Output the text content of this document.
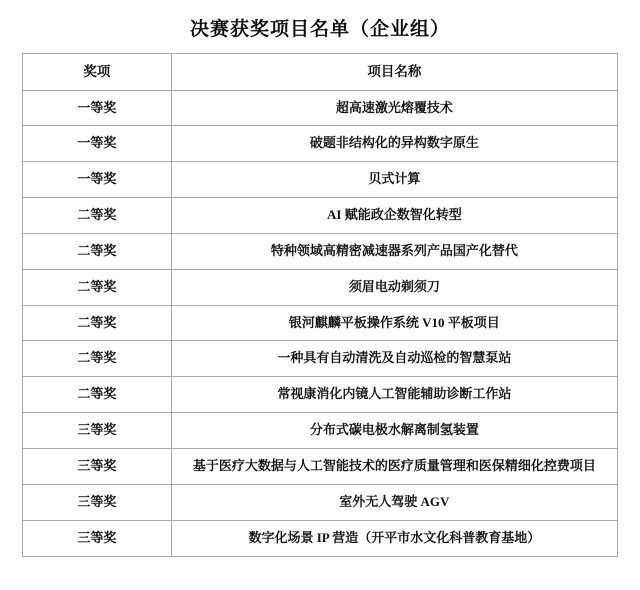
决赛获奖项目名单（企业组）
奖项	项目名称
一等奖	超高速激光熔覆技术
一等奖	破题非结构化的异构数字原生
一等奖	贝式计算
二等奖	AI 赋能政企数智化转型
二等奖	特种领域高精密减速器系列产品国产化替代
二等奖	须眉电动剃须刀
二等奖	银河麒麟平板操作系统 V10 平板项目
二等奖	一种具有自动清洗及自动巡检的智慧泵站
二等奖	常视康消化内镜人工智能辅助诊断工作站
三等奖	分布式碳电极水解离制氢装置
三等奖	基于医疗大数据与人工智能技术的医疗质量管理和医保精细化控费项目
三等奖	室外无人驾驶 AGV
三等奖	数字化场景 IP 营造（开平市水文化科普教育基地）
